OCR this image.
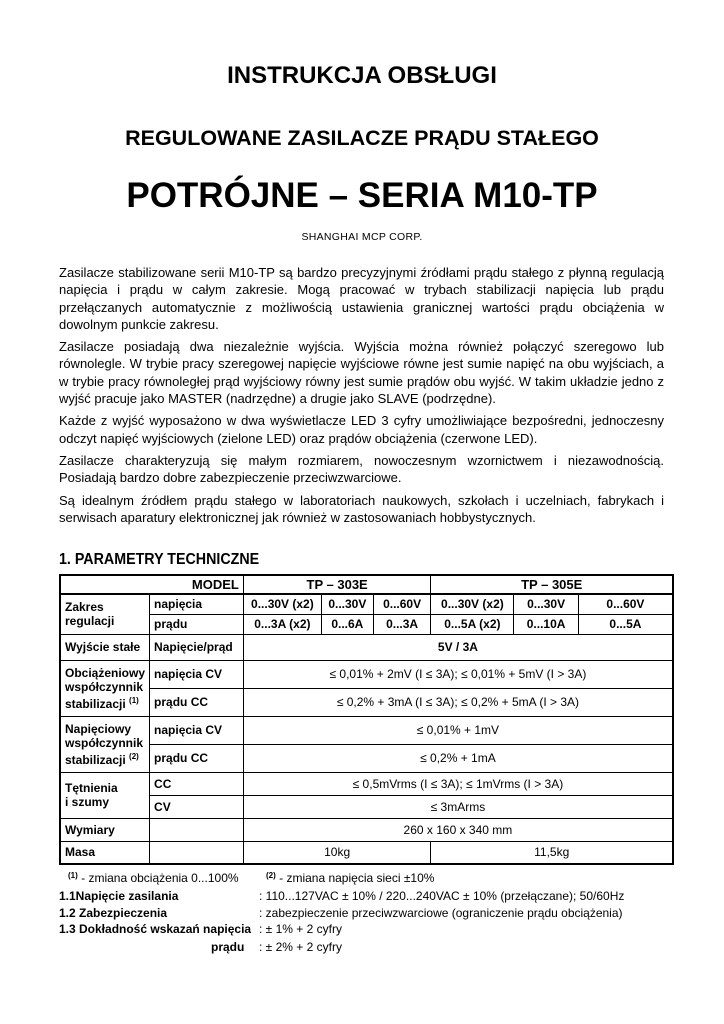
INSTRUKCJA OBSŁUGI
REGULOWANE ZASILACZE PRĄDU STAŁEGO
POTRÓJNE – SERIA M10-TP
SHANGHAI MCP CORP.

Zasilacze stabilizowane serii M10-TP są bardzo precyzyjnymi źródłami prądu stałego z płynną regulacją napięcia i prądu w całym zakresie. Mogą pracować w trybach stabilizacji napięcia lub prądu przełączanych automatycznie z możliwością ustawienia granicznej wartości prądu obciążenia w dowolnym punkcie zakresu.

Zasilacze posiadają dwa niezależnie wyjścia. Wyjścia można również połączyć szeregowo lub równolegle. W trybie pracy szeregowej napięcie wyjściowe równe jest sumie napięć na obu wyjściach, a w trybie pracy równoległej prąd wyjściowy równy jest sumie prądów obu wyjść. W takim układzie jedno z wyjść pracuje jako MASTER (nadrzędne) a drugie jako SLAVE (podrzędne).

Każde z wyjść wyposażono w dwa wyświetlacze LED 3 cyfry umożliwiające bezpośredni, jednoczesny odczyt napięć wyjściowych (zielone LED) oraz prądów obciążenia (czerwone LED).

Zasilacze charakteryzują się małym rozmiarem, nowoczesnym wzornictwem i niezawodnością. Posiadają bardzo dobre zabezpieczenie przeciwzwarciowe.

Są idealnym źródłem prądu stałego w laboratoriach naukowych, szkołach i uczelniach, fabrykach i serwisach aparatury elektronicznej jak również w zastosowaniach hobbystycznych.

1. PARAMETRY TECHNICZNE
MODEL		TP – 303E			TP – 305E		
Zakres
regulacji	napięcia	0...30V (x2)	0...30V	0...60V	0...30V (x2)	0...30V	0...60V
	prądu	0...3A (x2)	0...6A	0...3A	0...5A (x2)	0...10A	0...5A
Wyjście stałe	Napięcie/prąd	5V / 3A					
Obciążeniowy
współczynnik
stabilizacji $^{(1)}$	napięcia CV	≤ 0,01% + 2mV (I ≤ 3A); ≤ 0,01% + 5mV (I > 3A)					
	prądu CC	≤ 0,2% + 3mA (I ≤ 3A); ≤ 0,2% + 5mA (I > 3A)					
Napięciowy
współczynnik
stabilizacji $^{(2)}$	napięcia CV	≤ 0,01% + 1mV					
	prądu CC	≤ 0,2% + 1mA					
Tętnienia
i szumy	CC	≤ 0,5mVrms (I ≤ 3A); ≤ 1mVrms (I > 3A)					
	CV	≤ 3mArms					
Wymiary		260 x 160 x 340 mm					
Masa		10kg			11,5kg		
$^{(1)}$ - zmiana obciążenia 0...100%	$^{(2)}$ - zmiana napięcia sieci ±10%
1.1Napięcie zasilania	: 110...127VAC ± 10% / 220...240VAC ± 10% (przełączane); 50/60Hz
1.2 Zabezpieczenia	: zabezpieczenie przeciwzwarciowe (ograniczenie prądu obciążenia)
1.3 Dokładność wskazań napięcia : ± 1% + 2 cyfry
prądu : ± 2% + 2 cyfry
